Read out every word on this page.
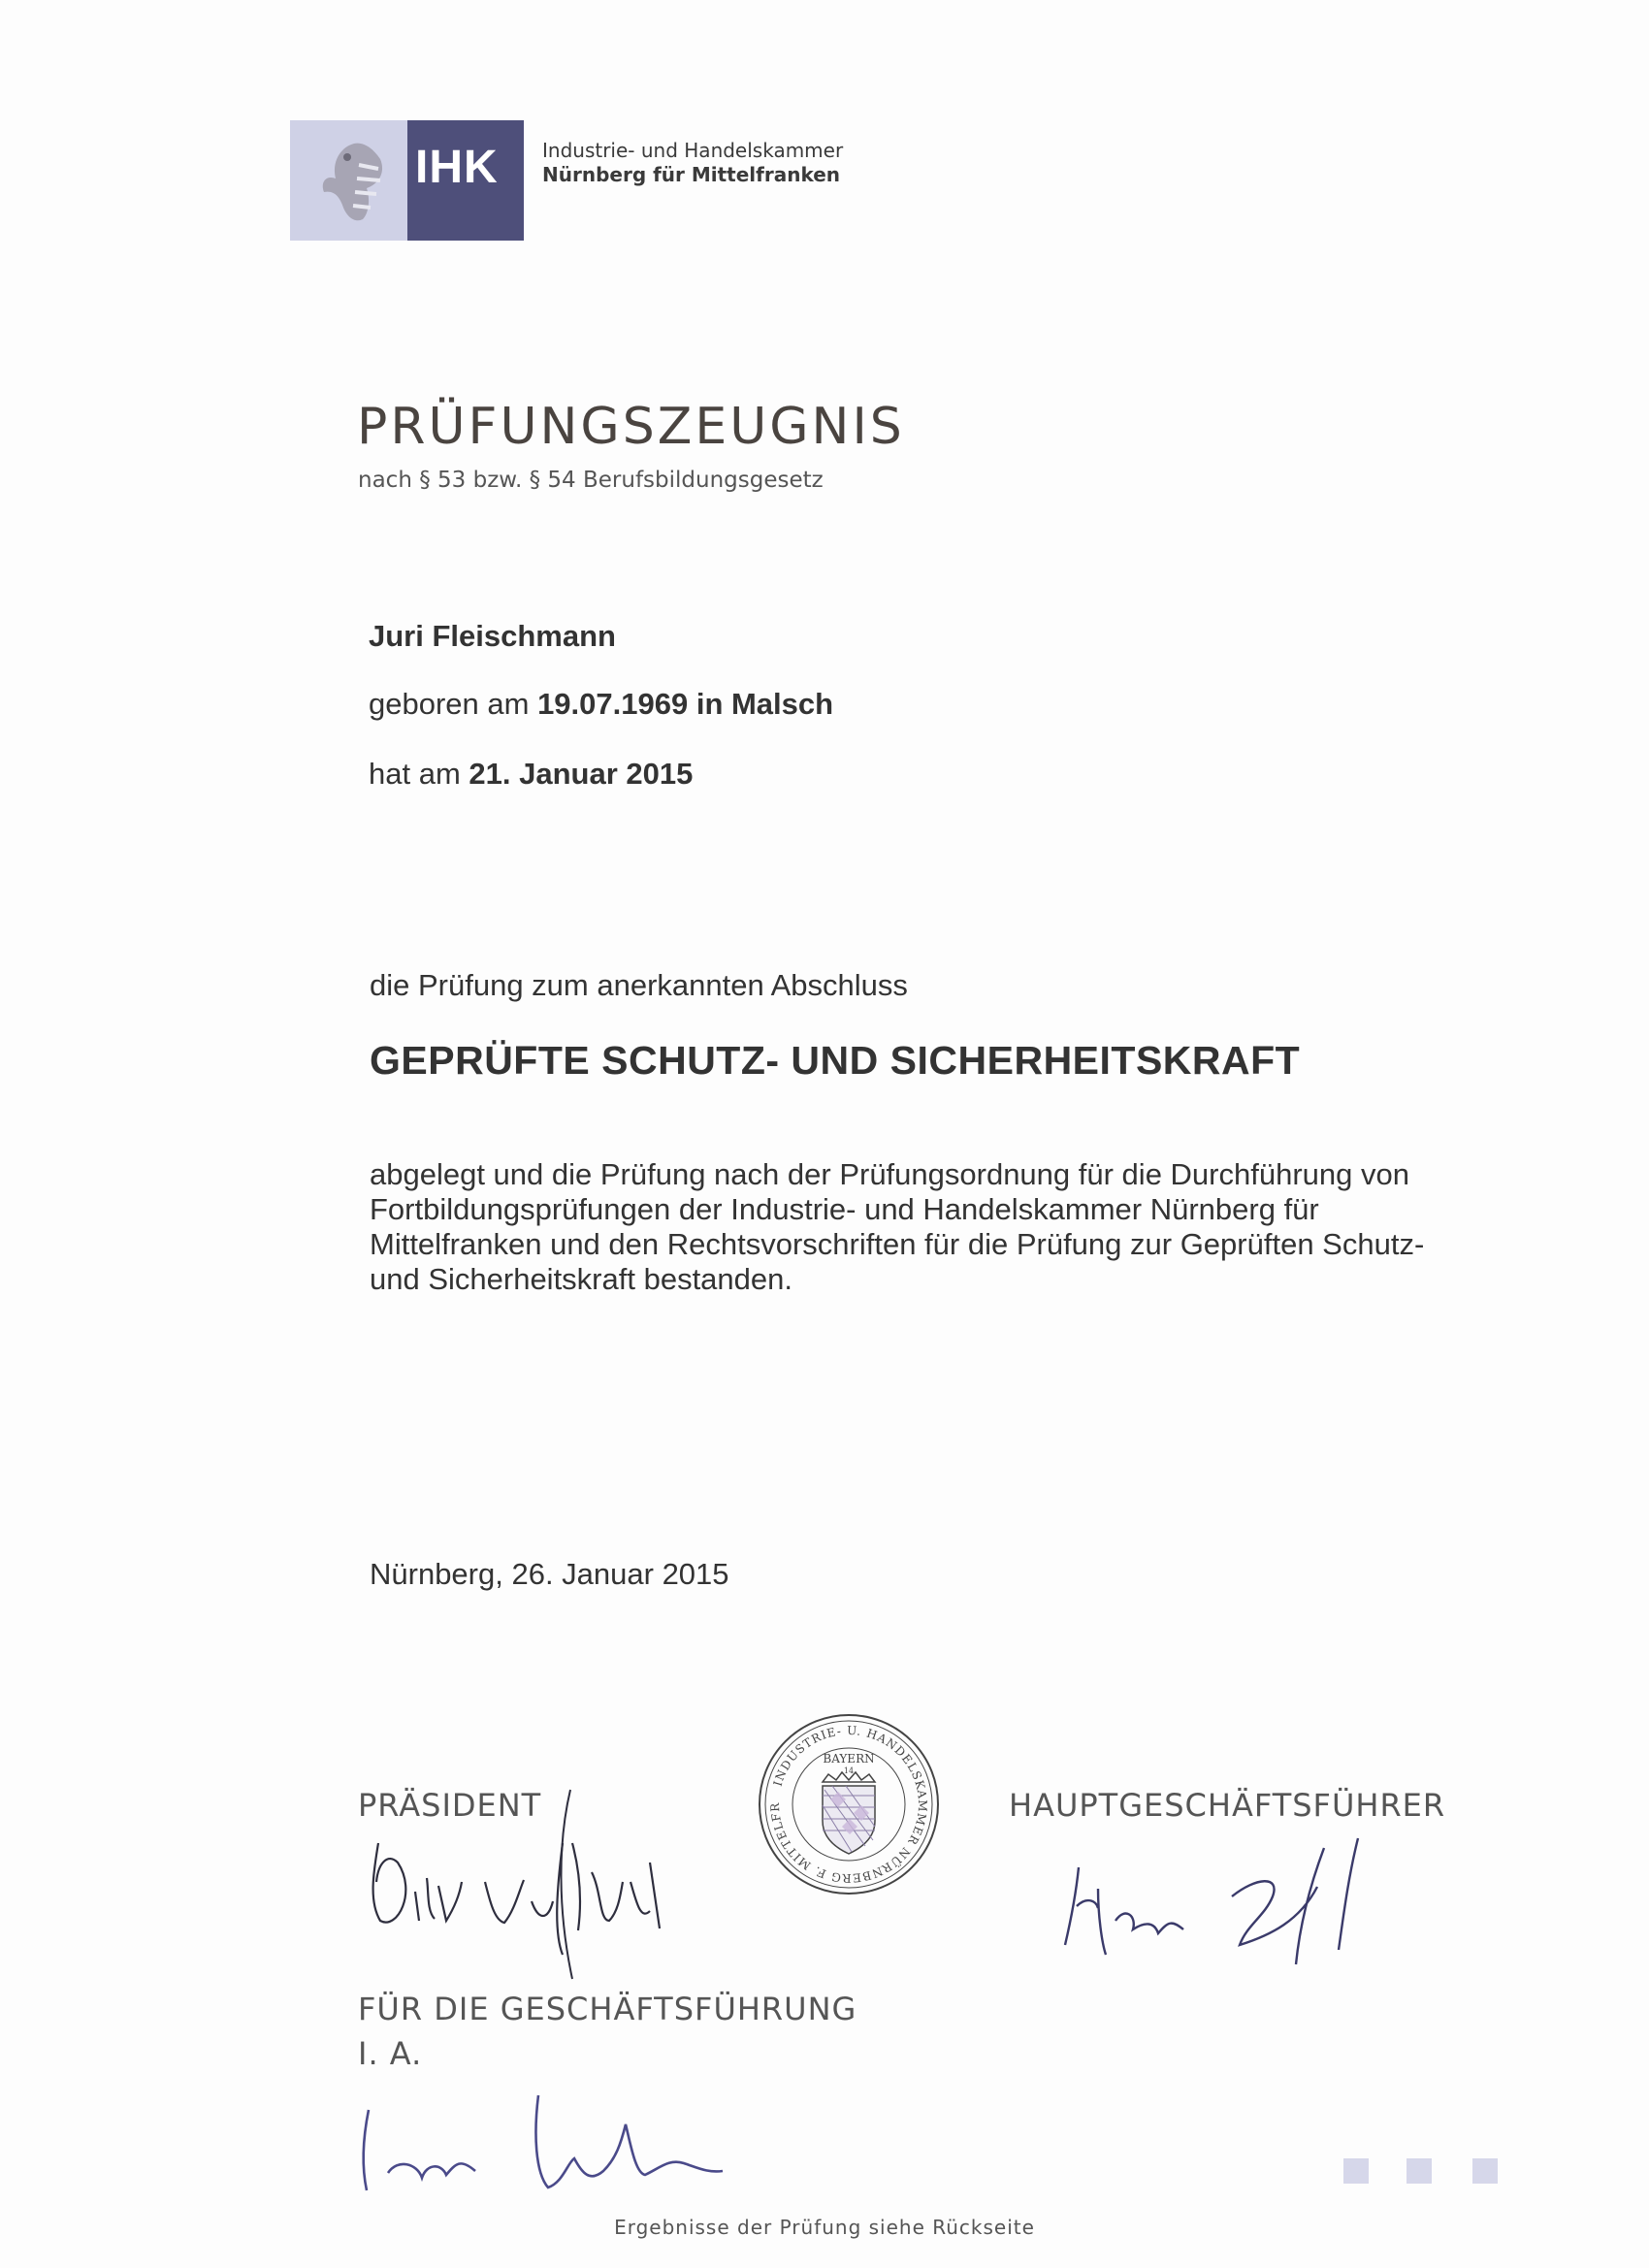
IHK	Industrie- und Handelskammer
Nürnberg für Mittelfranken
PRÜFUNGSZEUGNIS
nach § 53 bzw. § 54 Berufsbildungsgesetz
Juri Fleischmann
geboren am 19.07.1969 in Malsch
hat am 21. Januar 2015
die Prüfung zum anerkannten Abschluss
GEPRÜFTE SCHUTZ- UND SICHERHEITSKRAFT
abgelegt und die Prüfung nach der Prüfungsordnung für die Durchführung von Fortbildungsprüfungen der Industrie- und Handelskammer Nürnberg für Mittelfranken und den Rechtsvorschriften für die Prüfung zur Geprüften Schutz- und Sicherheitskraft bestanden.
Nürnberg, 26. Januar 2015
PRÄSIDENT
FÜR DIE GESCHÄFTSFÜHRUNG
I. A.
INDUSTRIE- U. HANDELSKAMMER NÜRNBERG F. MITTELFR
BAYERN
14
HAUPTGESCHÄFTSFÜHRER
Ergebnisse der Prüfung siehe Rückseite
